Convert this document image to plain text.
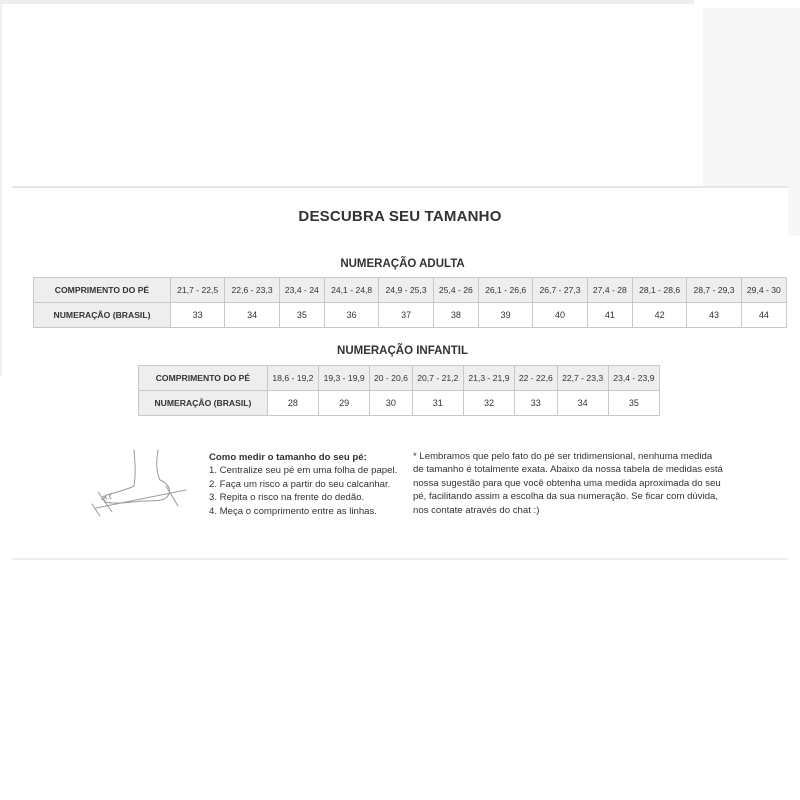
DESCUBRA SEU TAMANHO
NUMERAÇÃO ADULTA
COMPRIMENTO DO PÉ	21,7 - 22,5	22,6 - 23,3	23,4 - 24	24,1 - 24,8	24,9 - 25,3	25,4 - 26	26,1 - 26,6	26,7 - 27,3	27,4 - 28	28,1 - 28,6	28,7 - 29,3	29,4 - 30
NUMERAÇÃO (BRASIL)	33	34	35	36	37	38	39	40	41	42	43	44
NUMERAÇÃO INFANTIL
COMPRIMENTO DO PÉ	18,6 - 19,2	19,3 - 19,9	20 - 20,6	20,7 - 21,2	21,3 - 21,9	22 - 22,6	22,7 - 23,3	23,4 - 23,9
NUMERAÇÃO (BRASIL)	28	29	30	31	32	33	34	35
Como medir o tamanho do seu pé:
1. Centralize seu pé em uma folha de papel.
2. Faça um risco a partir do seu calcanhar.
3. Repita o risco na frente do dedão.
4. Meça o comprimento entre as linhas.
* Lembramos que pelo fato do pé ser tridimensional, nenhuma medida de tamanho é totalmente exata. Abaixo da nossa tabela de medidas está nossa sugestão para que você obtenha uma medida aproximada do seu pé, facilitando assim a escolha da sua numeração. Se ficar com dúvida, nos contate através do chat :)
